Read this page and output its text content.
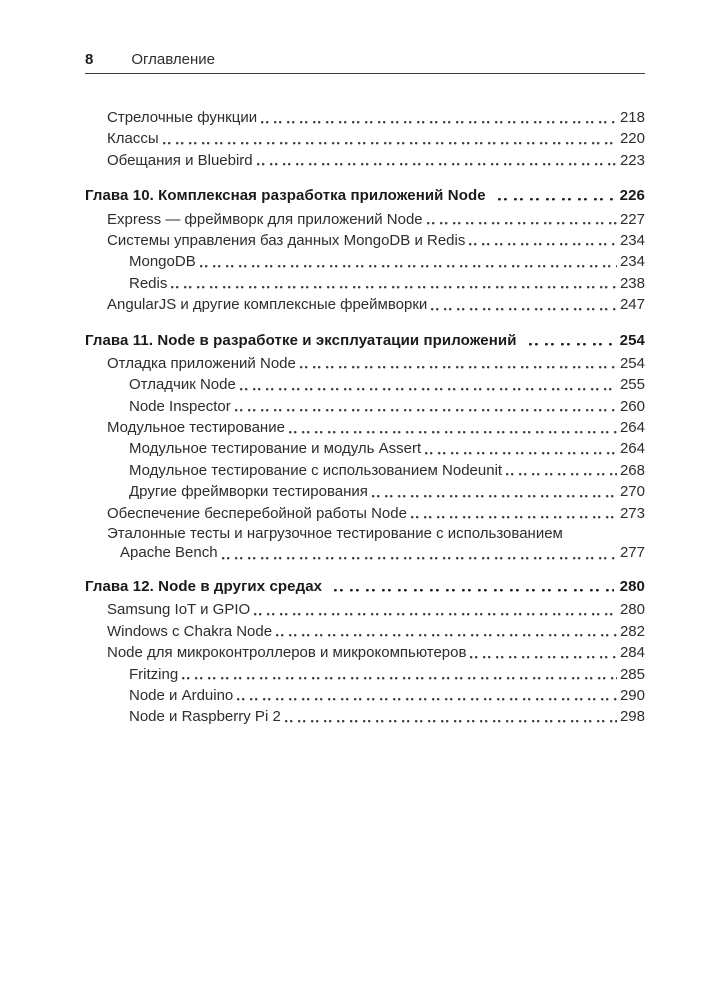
8	Оглавление
Стрелочные функции	218
Классы	220
Обещания и Bluebird	223
Глава 10. Комплексная разработка приложений Node	226
Express — фреймворк для приложений Node	227
Системы управления баз данных MongoDB и Redis	234
MongoDB	234
Redis	238
AngularJS и другие комплексные фреймворки	247
Глава 11. Node в разработке и эксплуатации приложений	254
Отладка приложений Node	254
Отладчик Node	255
Node Inspector	260
Модульное тестирование	264
Модульное тестирование и модуль Assert	264
Модульное тестирование с использованием Nodeunit	268
Другие фреймворки тестирования	270
Обеспечение бесперебойной работы Node	273
Эталонные тесты и нагрузочное тестирование с использованием
Apache Bench	277
Глава 12. Node в других средах	280
Samsung IoT и GPIO	280
Windows с Chakra Node	282
Node для микроконтроллеров и микрокомпьютеров	284
Fritzing	285
Node и Arduino	290
Node и Raspberry Pi 2	298
